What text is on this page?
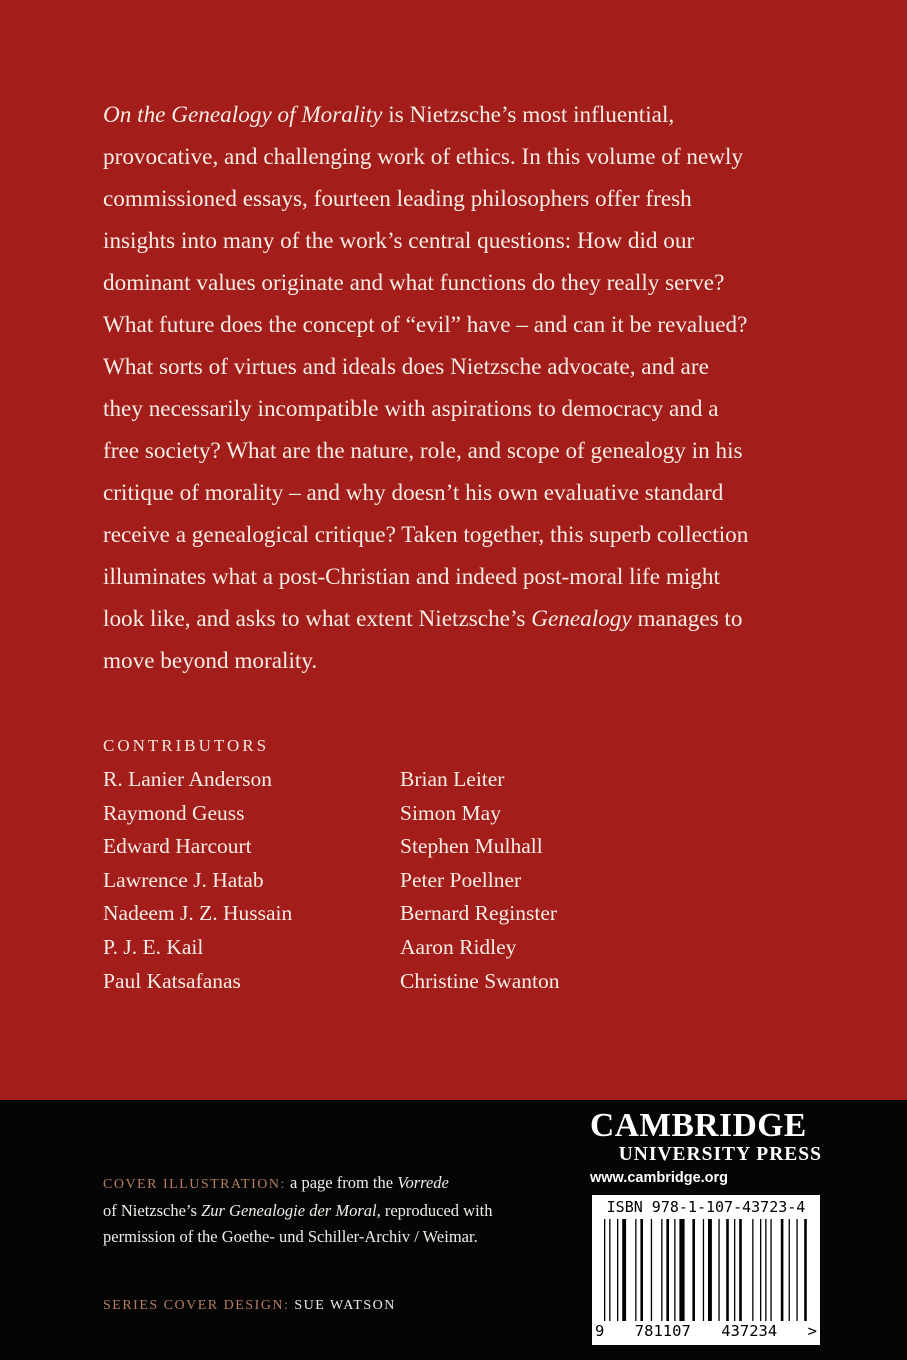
On the Genealogy of Morality is Nietzsche’s most influential,
provocative, and challenging work of ethics. In this volume of newly
commissioned essays, fourteen leading philosophers offer fresh
insights into many of the work’s central questions: How did our
dominant values originate and what functions do they really serve?
What future does the concept of “evil” have – and can it be revalued?
What sorts of virtues and ideals does Nietzsche advocate, and are
they necessarily incompatible with aspirations to democracy and a
free society? What are the nature, role, and scope of genealogy in his
critique of morality – and why doesn’t his own evaluative standard
receive a genealogical critique? Taken together, this superb collection
illuminates what a post-Christian and indeed post-moral life might
look like, and asks to what extent Nietzsche’s Genealogy manages to
move beyond morality.

CONTRIBUTORS
R. Lanier Anderson
Raymond Geuss
Edward Harcourt
Lawrence J. Hatab
Nadeem J. Z. Hussain
P. J. E. Kail
Paul Katsafanas
Brian Leiter
Simon May
Stephen Mulhall
Peter Poellner
Bernard Reginster
Aaron Ridley
Christine Swanton
COVER ILLUSTRATION: a page from the Vorrede
of Nietzsche’s Zur Genealogie der Moral, reproduced with
permission of the Goethe- und Schiller-Archiv / Weimar.
SERIES COVER DESIGN: SUE WATSON
CAMBRIDGE
UNIVERSITY PRESS
www.cambridge.org
ISBN 978-1-107-43723-4
9 781107 437234 >
